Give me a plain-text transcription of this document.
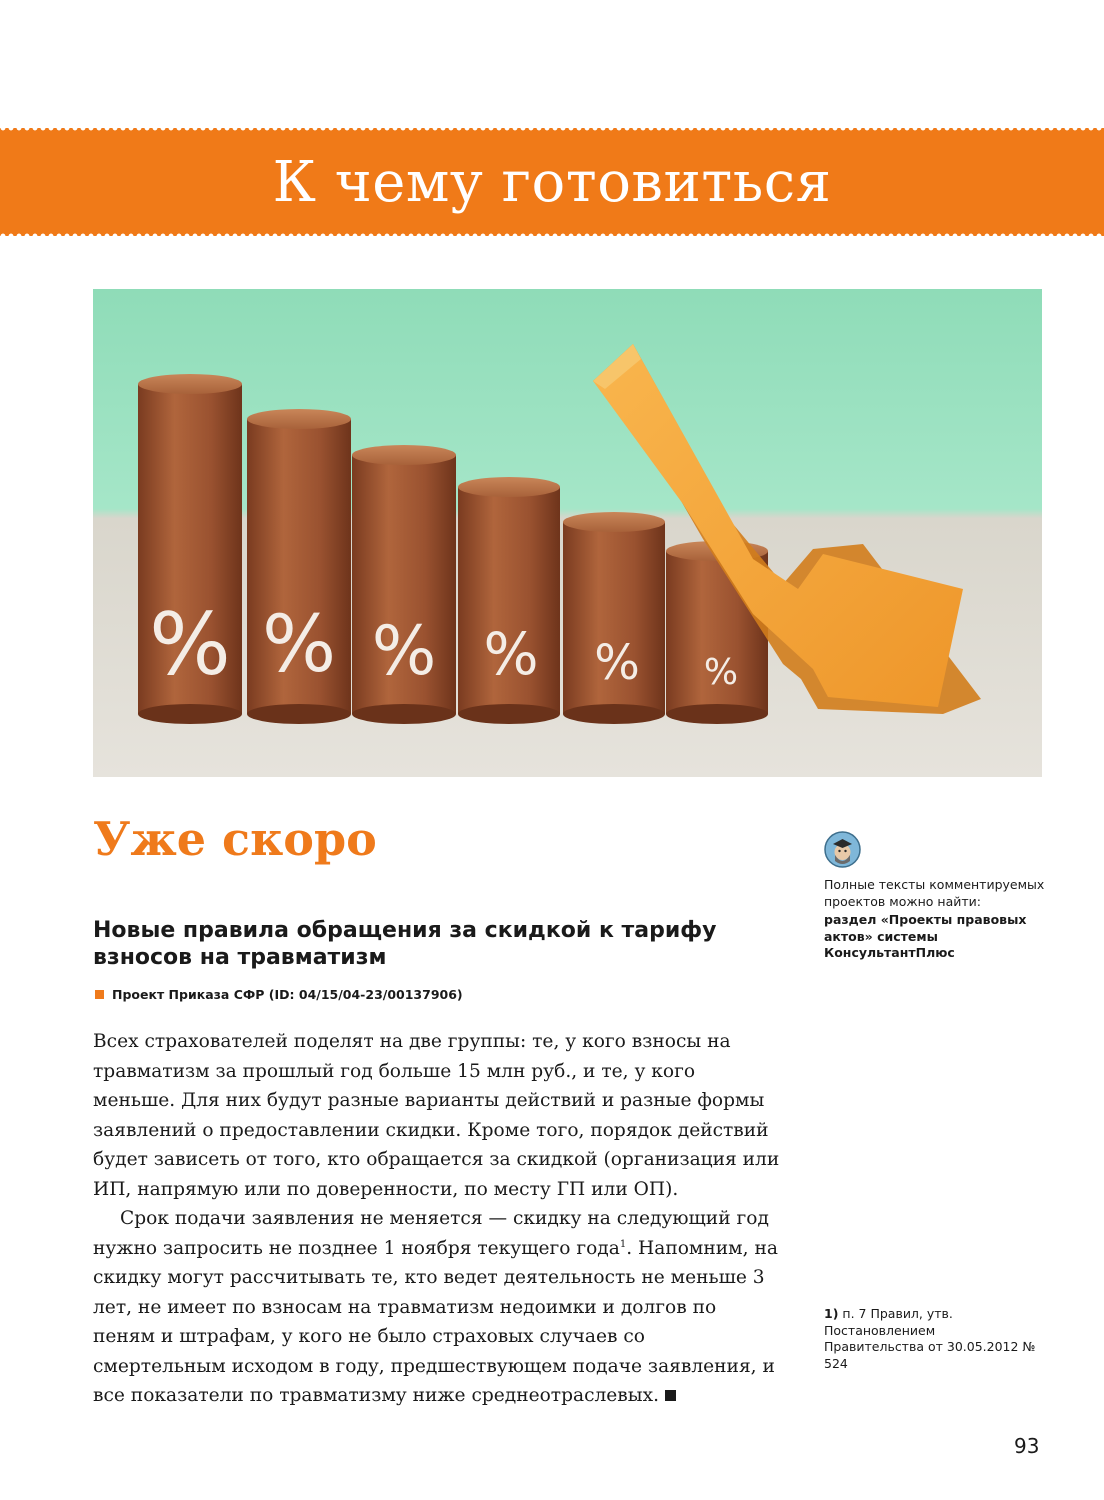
К чему готовиться
% % % % % %
Уже скоро
Новые правила обращения за скидкой к тарифу взносов на травматизм
Проект Приказа СФР (ID: 04/15/04-23/00137906)

Всех страхователей поделят на две группы: те, у кого взносы на травматизм за прошлый год больше 15 млн руб., и те, у кого меньше. Для них будут разные варианты действий и разные формы заявлений о предоставлении скидки. Кроме того, порядок действий будет зависеть от того, кто обращается за скидкой (организация или ИП, напрямую или по доверенности, по месту ГП или ОП).

Срок подачи заявления не меняется — скидку на следующий год нужно запросить не позднее 1 ноября текущего года$^1$. Напомним, на скидку могут рассчитывать те, кто ведет деятельность не меньше 3 лет, не имеет по взносам на травматизм недоимки и долгов по пеням и штрафам, у кого не было страховых случаев со смертельным исходом в году, предшествующем подаче заявления, и все показатели по травматизму ниже среднеотраслевых.

Полные тексты комментируемых проектов можно найти:
раздел «Проекты правовых актов» системы КонсультантПлюс
1) п. 7 Правил, утв. Постановлением Правительства от 30.05.2012 № 524
93
